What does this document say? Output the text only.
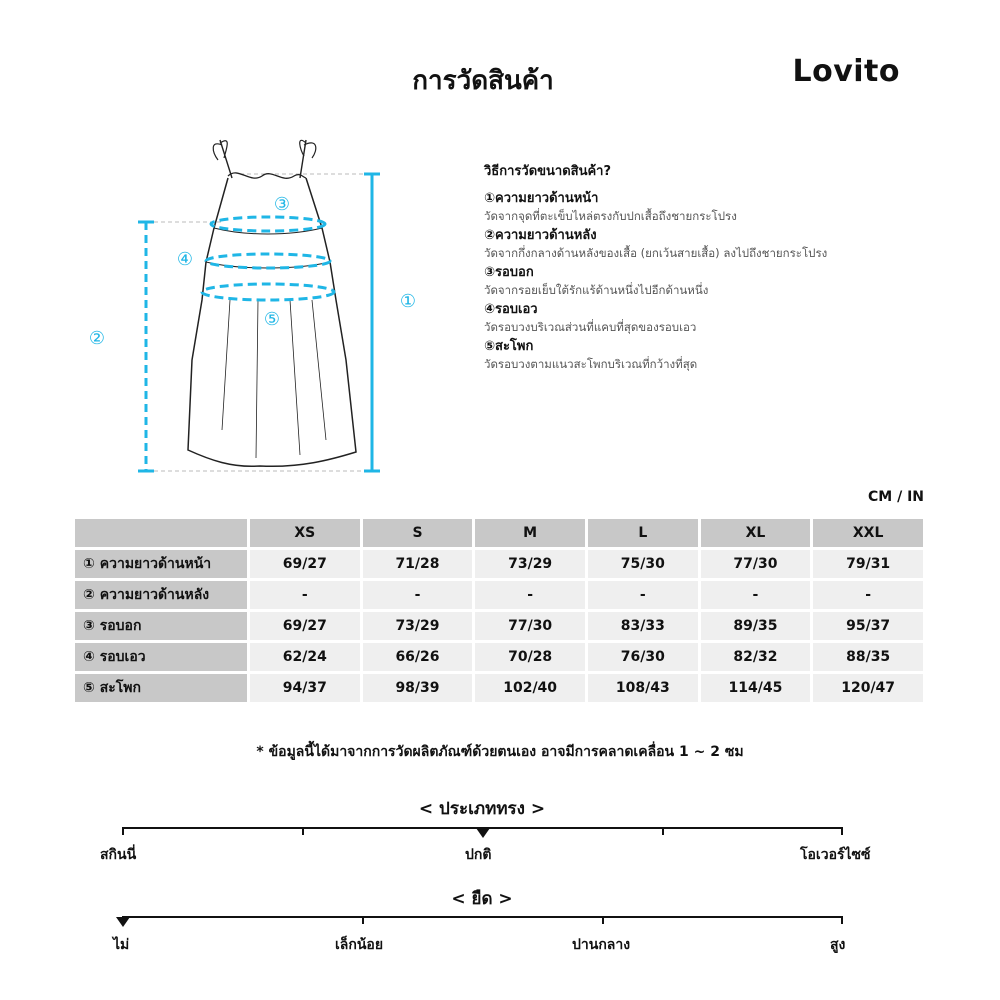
การวัดสินค้า	Lovito
①
②
③
④
⑤
วิธีการวัดขนาดสินค้า?
①ความยาวด้านหน้า
วัดจากจุดที่ตะเข็บไหล่ตรงกับปกเสื้อถึงชายกระโปรง
②ความยาวด้านหลัง
วัดจากกึ่งกลางด้านหลังของเสื้อ (ยกเว้นสายเสื้อ) ลงไปถึงชายกระโปรง
③รอบอก
วัดจากรอยเย็บใต้รักแร้ด้านหนึ่งไปอีกด้านหนึ่ง
④รอบเอว
วัดรอบวงบริเวณส่วนที่แคบที่สุดของรอบเอว
⑤สะโพก
วัดรอบวงตามแนวสะโพกบริเวณที่กว้างที่สุด
CM / IN
	XS	S	M	L	XL	XXL
① ความยาวด้านหน้า	69/27	71/28	73/29	75/30	77/30	79/31
② ความยาวด้านหลัง	-	-	-	-	-	-
③ รอบอก	69/27	73/29	77/30	83/33	89/35	95/37
④ รอบเอว	62/24	66/26	70/28	76/30	82/32	88/35
⑤ สะโพก	94/37	98/39	102/40	108/43	114/45	120/47
* ข้อมูลนี้ได้มาจากการวัดผลิตภัณฑ์ด้วยตนเอง อาจมีการคลาดเคลื่อน 1 ~ 2 ซม
< ประเภททรง >
สกินนี่	ปกติ	โอเวอร์ไซซ์
< ยืด >
ไม่	เล็กน้อย	ปานกลาง	สูง
